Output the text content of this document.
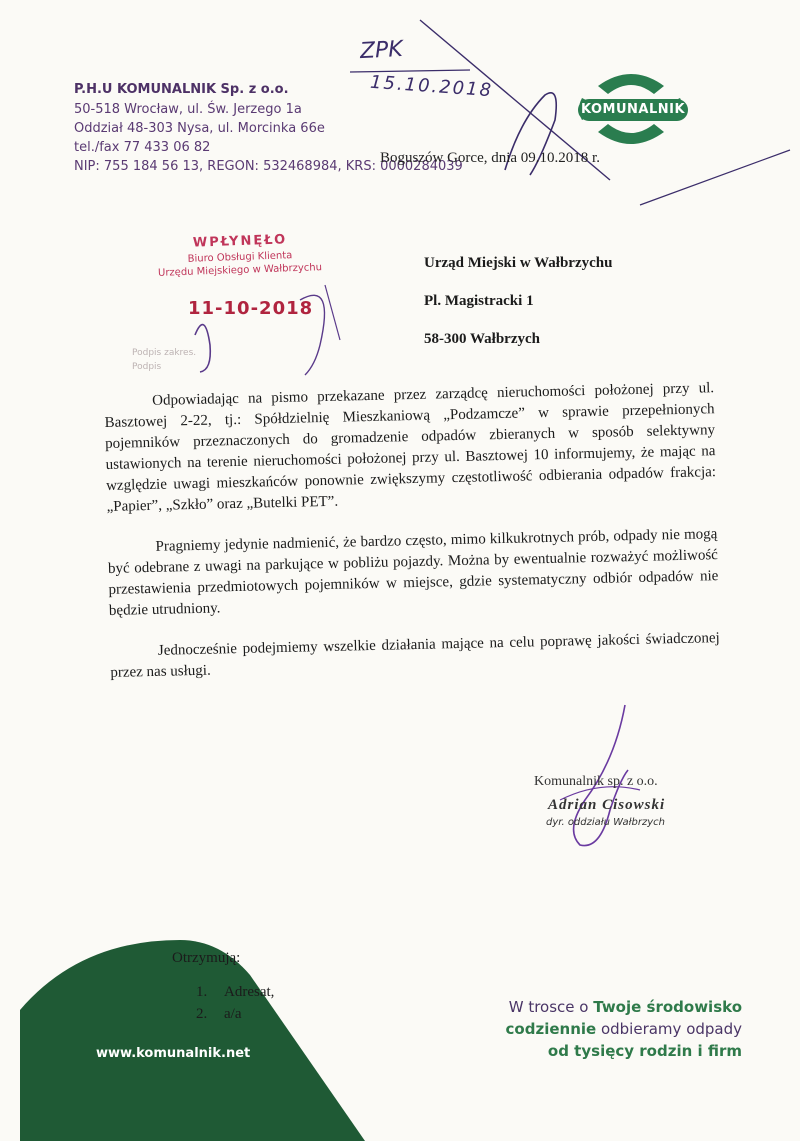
P.H.U KOMUNALNIK Sp. z o.o.
50-518 Wrocław, ul. Św. Jerzego 1a
Oddział 48-303 Nysa, ul. Morcinka 66e
tel./fax 77 433 06 82
NIP: 755 184 56 13, REGON: 532468984, KRS: 0000284039
KOMUNALNIK
ZPK
15.10.2018
Boguszów Gorce, dnia 09.10.2018 r.
WPŁYNĘŁO
Biuro Obsługi Klienta
Urzędu Miejskiego w Wałbrzychu
11-10-2018
Podpis zakres.
Podpis
Urząd Miejski w Wałbrzychu
Pl. Magistracki 1
58-300 Wałbrzych

Odpowiadając na pismo przekazane przez zarządcę nieruchomości położonej przy ul. Basztowej 2-22, tj.: Spółdzielnię Mieszkaniową „Podzamcze” w sprawie przepełnionych pojemników przeznaczonych do gromadzenie odpadów zbieranych w sposób selektywny ustawionych na terenie nieruchomości położonej przy ul. Basztowej 10 informujemy, że mając na względzie uwagi mieszkańców ponownie zwiększymy częstotliwość odbierania odpadów frakcja: „Papier”, „Szkło” oraz „Butelki PET”.

Pragniemy jedynie nadmienić, że bardzo często, mimo kilkukrotnych prób, odpady nie mogą być odebrane z uwagi na parkujące w pobliżu pojazdy. Można by ewentualnie rozważyć możliwość przestawienia przedmiotowych pojemników w miejsce, gdzie systematyczny odbiór odpadów nie będzie utrudniony.

Jednocześnie podejmiemy wszelkie działania mające na celu poprawę jakości świadczonej przez nas usługi.

Komunalnik sp. z o.o.
Adrian Cisowski
dyr. oddziału Wałbrzych
www.komunalnik.net
Otrzymują:
1. Adresat,
2. a/a	W trosce o Twoje środowisko
codziennie odbieramy odpady
od tysięcy rodzin i firm
